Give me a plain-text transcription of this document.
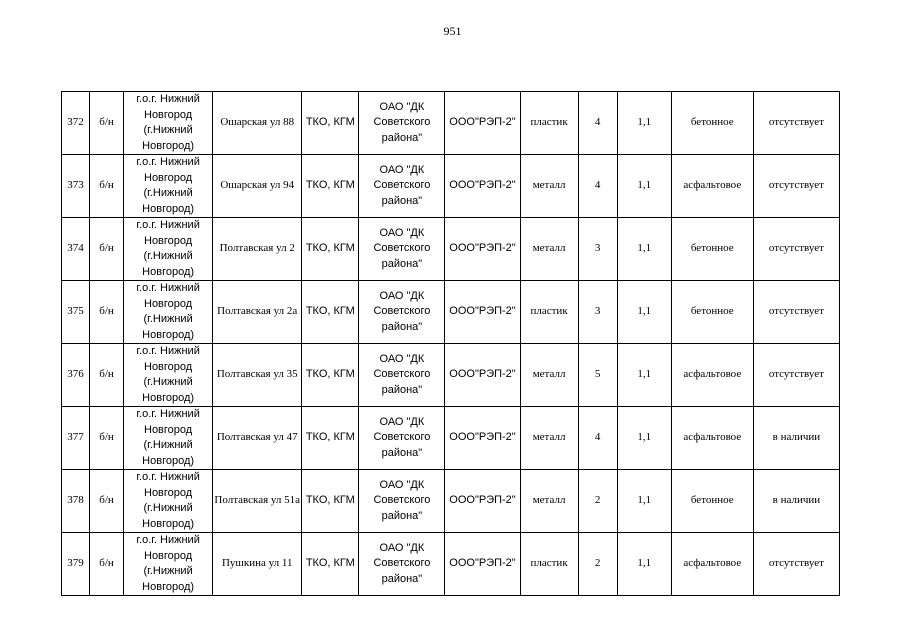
951
372	б/н	г.о.г. Нижний Новгород (г.Нижний Новгород)	Ошарская ул 88	ТКО, КГМ	ОАО "ДК Советского района"	ООО"РЭП-2"	пластик	4	1,1	бетонное	отсутствует
373	б/н	г.о.г. Нижний Новгород (г.Нижний Новгород)	Ошарская ул 94	ТКО, КГМ	ОАО "ДК Советского района"	ООО"РЭП-2"	металл	4	1,1	асфальтовое	отсутствует
374	б/н	г.о.г. Нижний Новгород (г.Нижний Новгород)	Полтавская ул 2	ТКО, КГМ	ОАО "ДК Советского района"	ООО"РЭП-2"	металл	3	1,1	бетонное	отсутствует
375	б/н	г.о.г. Нижний Новгород (г.Нижний Новгород)	Полтавская ул 2а	ТКО, КГМ	ОАО "ДК Советского района"	ООО"РЭП-2"	пластик	3	1,1	бетонное	отсутствует
376	б/н	г.о.г. Нижний Новгород (г.Нижний Новгород)	Полтавская ул 35	ТКО, КГМ	ОАО "ДК Советского района"	ООО"РЭП-2"	металл	5	1,1	асфальтовое	отсутствует
377	б/н	г.о.г. Нижний Новгород (г.Нижний Новгород)	Полтавская ул 47	ТКО, КГМ	ОАО "ДК Советского района"	ООО"РЭП-2"	металл	4	1,1	асфальтовое	в наличии
378	б/н	г.о.г. Нижний Новгород (г.Нижний Новгород)	Полтавская ул 51а	ТКО, КГМ	ОАО "ДК Советского района"	ООО"РЭП-2"	металл	2	1,1	бетонное	в наличии
379	б/н	г.о.г. Нижний Новгород (г.Нижний Новгород)	Пушкина ул 11	ТКО, КГМ	ОАО "ДК Советского района"	ООО"РЭП-2"	пластик	2	1,1	асфальтовое	отсутствует
